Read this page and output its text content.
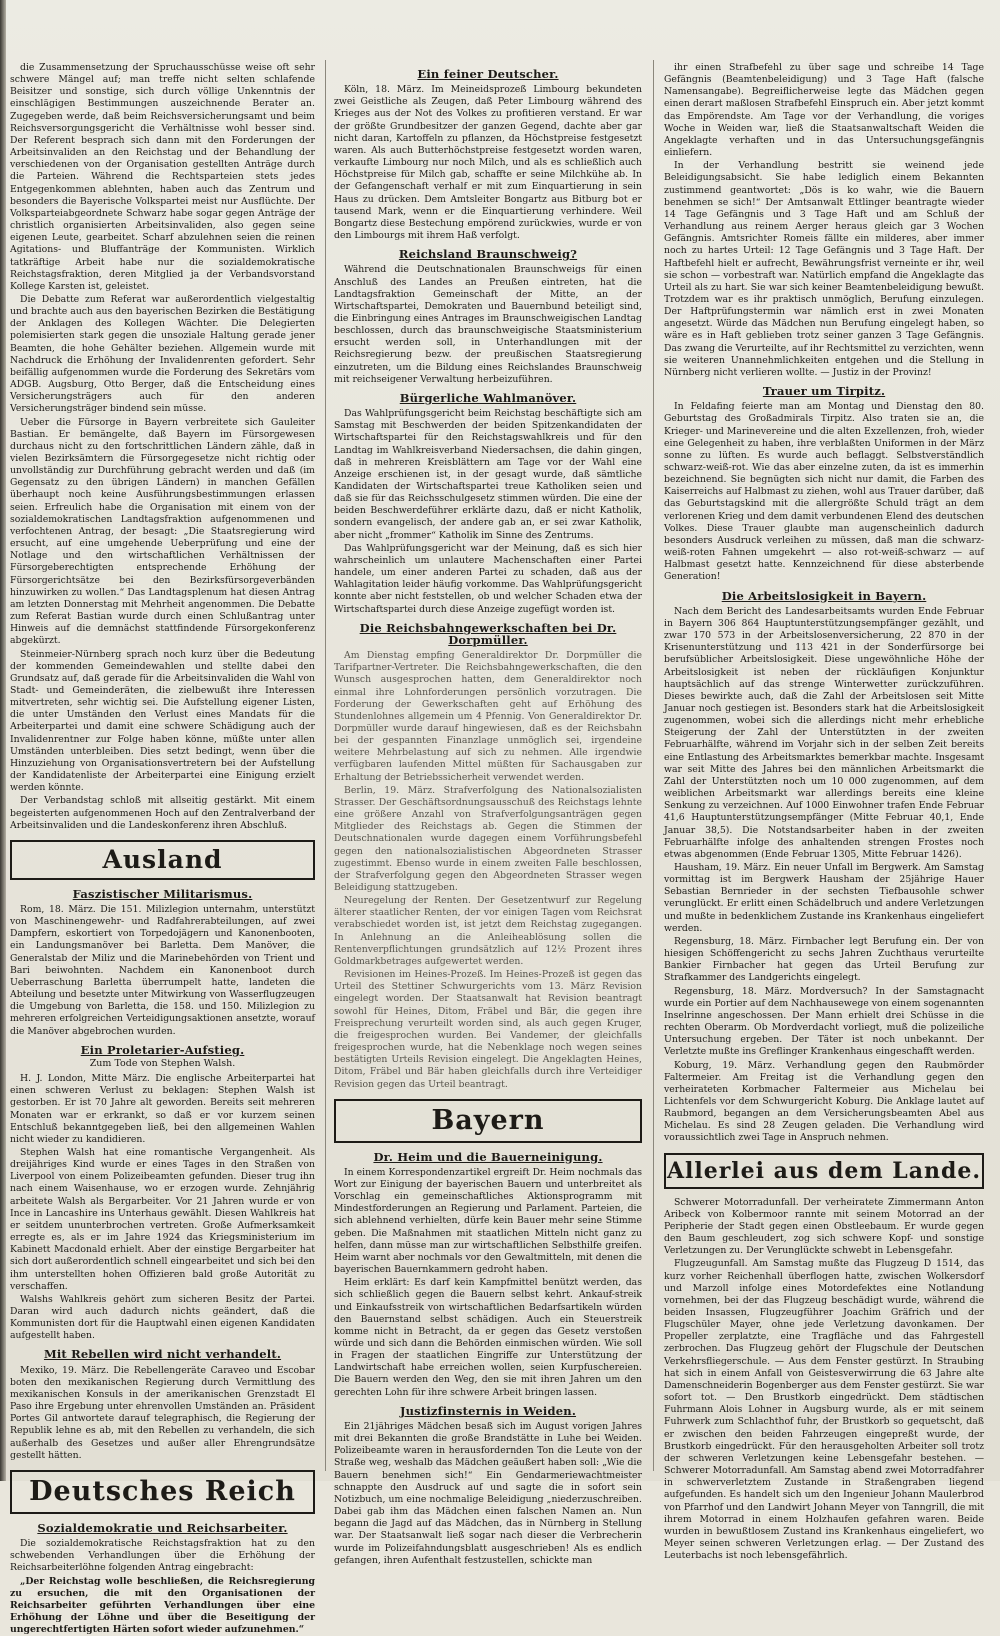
die Zusammensetzung der Spruchausschüsse weise oft sehr schwere Mängel auf; man treffe nicht selten schlafende Beisitzer und sonstige, sich durch völlige Unkenntnis der einschlägigen Bestimmungen auszeichnende Berater an. Zugegeben werde, daß beim Reichsversicherungsamt und beim Reichsversorgungsgericht die Verhältnisse wohl besser sind. Der Referent besprach sich dann mit den Forderungen der Arbeitsinvaliden an den Reichstag und der Behandlung der verschiedenen von der Organisation gestellten Anträge durch die Parteien. Während die Rechtsparteien stets jedes Entgegenkommen ablehnten, haben auch das Zentrum und besonders die Bayerische Volkspartei meist nur Ausflüchte. Der Volksparteiabgeordnete Schwarz habe sogar gegen Anträge der christlich organisierten Arbeitsinvaliden, also gegen seine eigenen Leute, gearbeitet. Scharf abzulehnen seien die reinen Agitations- und Bluffanträge der Kommunisten. Wirklich tatkräftige Arbeit habe nur die sozialdemokratische Reichstagsfraktion, deren Mitglied ja der Verbandsvorstand Kollege Karsten ist, geleistet.

Die Debatte zum Referat war außerordentlich vielgestaltig und brachte auch aus den bayerischen Bezirken die Bestätigung der Anklagen des Kollegen Wächter. Die Delegierten polemisierten stark gegen die unsoziale Haltung gerade jener Beamten, die hohe Gehälter beziehen. Allgemein wurde mit Nachdruck die Erhöhung der Invalidenrenten gefordert. Sehr beifällig aufgenommen wurde die Forderung des Sekretärs vom ADGB. Augsburg, Otto Berger, daß die Entscheidung eines Versicherungsträgers auch für den anderen Versicherungsträger bindend sein müsse.

Ueber die Fürsorge in Bayern verbreitete sich Gauleiter Bastian. Er bemängelte, daß Bayern im Fürsorgewesen durchaus nicht zu den fortschrittlichen Ländern zähle, daß in vielen Bezirksämtern die Fürsorgegesetze nicht richtig oder unvollständig zur Durchführung gebracht werden und daß (im Gegensatz zu den übrigen Ländern) in manchen Gefällen überhaupt noch keine Ausführungsbestimmungen erlassen seien. Erfreulich habe die Organisation mit einem von der sozialdemokratischen Landtagsfraktion aufgenommenen und verfochtenen Antrag, der besagt: „Die Staatsregierung wird ersucht, auf eine umgehende Ueberprüfung und eine der Notlage und den wirtschaftlichen Verhältnissen der Fürsorgeberechtigten entsprechende Erhöhung der Fürsorgerichtsätze bei den Bezirksfürsorgeverbänden hinzuwirken zu wollen.“ Das Landtagsplenum hat diesen Antrag am letzten Donnerstag mit Mehrheit angenommen. Die Debatte zum Referat Bastian wurde durch einen Schlußantrag unter Hinweis auf die demnächst stattfindende Fürsorgekonferenz abgekürzt.

Steinmeier-Nürnberg sprach noch kurz über die Bedeutung der kommenden Gemeindewahlen und stellte dabei den Grundsatz auf, daß gerade für die Arbeitsinvaliden die Wahl von Stadt- und Gemeinderäten, die zielbewußt ihre Interessen mitvertreten, sehr wichtig sei. Die Aufstellung eigener Listen, die unter Umständen den Verlust eines Mandats für die Arbeiterpartei und damit eine schwere Schädigung auch der Invalidenrentner zur Folge haben könne, müßte unter allen Umständen unterbleiben. Dies setzt bedingt, wenn über die Hinzuziehung von Organisationsvertretern bei der Aufstellung der Kandidatenliste der Arbeiterpartei eine Einigung erzielt werden könnte.

Der Verbandstag schloß mit allseitig gestärkt. Mit einem begeisterten aufgenommenen Hoch auf den Zentralverband der Arbeitsinvaliden und die Landeskonferenz ihren Abschluß.

Ausland
Faszistischer Militarismus.

Rom, 18. März. Die 151. Milizlegion unternahm, unterstützt von Maschinengewehr- und Radfahrerabteilungen, auf zwei Dampfern, eskortiert von Torpedojägern und Kanonenbooten, ein Landungsmanöver bei Barletta. Dem Manöver, die Generalstab der Miliz und die Marinebehörden von Trient und Bari beiwohnten. Nachdem ein Kanonenboot durch Ueberraschung Barletta überrumpelt hatte, landeten die Abteilung und besetzte unter Mitwirkung von Wasserflugzeugen die Umgebung von Barletta, die 158. und 150. Milizlegion zu mehreren erfolgreichen Verteidigungsaktionen ansetzte, worauf die Manöver abgebrochen wurden.

Ein Proletarier-Aufstieg.
Zum Tode von Stephen Walsh.

H. J. London, Mitte März. Die englische Arbeiterpartei hat einen schweren Verlust zu beklagen: Stephen Walsh ist gestorben. Er ist 70 Jahre alt geworden. Bereits seit mehreren Monaten war er erkrankt, so daß er vor kurzem seinen Entschluß bekanntgegeben ließ, bei den allgemeinen Wahlen nicht wieder zu kandidieren.

Stephen Walsh hat eine romantische Vergangenheit. Als dreijähriges Kind wurde er eines Tages in den Straßen von Liverpool von einem Polizeibeamten gefunden. Dieser trug ihn nach einem Waisenhause, wo er erzogen wurde. Zehnjährig arbeitete Walsh als Bergarbeiter. Vor 21 Jahren wurde er von Ince in Lancashire ins Unterhaus gewählt. Diesen Wahlkreis hat er seitdem ununterbrochen vertreten. Große Aufmerksamkeit erregte es, als er im Jahre 1924 das Kriegsministerium im Kabinett Macdonald erhielt. Aber der einstige Bergarbeiter hat sich dort außerordentlich schnell eingearbeitet und sich bei den ihm unterstellten hohen Offizieren bald große Autorität zu verschaffen.

Walshs Wahlkreis gehört zum sicheren Besitz der Partei. Daran wird auch dadurch nichts geändert, daß die Kommunisten dort für die Hauptwahl einen eigenen Kandidaten aufgestellt haben.

Mit Rebellen wird nicht verhandelt.

Mexiko, 19. März. Die Rebellengeräte Caraveo und Escobar boten den mexikanischen Regierung durch Vermittlung des mexikanischen Konsuls in der amerikanischen Grenzstadt El Paso ihre Ergebung unter ehrenvollen Umständen an. Präsident Portes Gil antwortete darauf telegraphisch, die Regierung der Republik lehne es ab, mit den Rebellen zu verhandeln, die sich außerhalb des Gesetzes und außer aller Ehrengrundsätze gestellt hätten.

Deutsches Reich
Sozialdemokratie und Reichsarbeiter.

Die sozialdemokratische Reichstagsfraktion hat zu den schwebenden Verhandlungen über die Erhöhung der Reichsarbeiterlöhne folgenden Antrag eingebracht:

„Der Reichstag wolle beschließen, die Reichsregierung zu ersuchen, die mit den Organisationen der Reichsarbeiter geführten Verhandlungen über eine Erhöhung der Löhne und über die Beseitigung der ungerechtfertigten Härten sofort wieder aufzunehmen.“

Ein feiner Deutscher.

Köln, 18. März. Im Meineidsprozeß Limbourg bekundeten zwei Geistliche als Zeugen, daß Peter Limbourg während des Krieges aus der Not des Volkes zu profitieren verstand. Er war der größte Grundbesitzer der ganzen Gegend, dachte aber gar nicht daran, Kartoffeln zu pflanzen, da Höchstpreise festgesetzt waren. Als auch Butterhöchstpreise festgesetzt worden waren, verkaufte Limbourg nur noch Milch, und als es schließlich auch Höchstpreise für Milch gab, schaffte er seine Milchkühe ab. In der Gefangenschaft verhalf er mit zum Einquartierung in sein Haus zu drücken. Dem Amtsleiter Bongartz aus Bitburg bot er tausend Mark, wenn er die Einquartierung verhindere. Weil Bongartz diese Bestechung empörend zurückwies, wurde er von den Limbourgs mit ihrem Haß verfolgt.

Reichsland Braunschweig?

Während die Deutschnationalen Braunschweigs für einen Anschluß des Landes an Preußen eintreten, hat die Landtagsfraktion Gemeinschaft der Mitte, an der Wirtschaftspartei, Demokraten und Bauernbund beteiligt sind, die Einbringung eines Antrages im Braunschweigischen Landtag beschlossen, durch das braunschweigische Staatsministerium ersucht werden soll, in Unterhandlungen mit der Reichsregierung bezw. der preußischen Staatsregierung einzutreten, um die Bildung eines Reichslandes Braunschweig mit reichseigener Verwaltung herbeizuführen.

Bürgerliche Wahlmanöver.

Das Wahlprüfungsgericht beim Reichstag beschäftigte sich am Samstag mit Beschwerden der beiden Spitzenkandidaten der Wirtschaftspartei für den Reichstagswahlkreis und für den Landtag im Wahlkreisverband Niedersachsen, die dahin gingen, daß in mehreren Kreisblättern am Tage vor der Wahl eine Anzeige erschienen ist, in der gesagt wurde, daß sämtliche Kandidaten der Wirtschaftspartei treue Katholiken seien und daß sie für das Reichsschulgesetz stimmen würden. Die eine der beiden Beschwerdeführer erklärte dazu, daß er nicht Katholik, sondern evangelisch, der andere gab an, er sei zwar Katholik, aber nicht „frommer“ Katholik im Sinne des Zentrums.

Das Wahlprüfungsgericht war der Meinung, daß es sich hier wahrscheinlich um unlautere Machenschaften einer Partei handele, um einer anderen Partei zu schaden, daß aus der Wahlagitation leider häufig vorkomme. Das Wahlprüfungsgericht konnte aber nicht feststellen, ob und welcher Schaden etwa der Wirtschaftspartei durch diese Anzeige zugefügt worden ist.

Die Reichsbahngewerkschaften bei Dr. Dorpmüller.

Am Dienstag empfing Generaldirektor Dr. Dorpmüller die Tarifpartner-Vertreter. Die Reichsbahngewerkschaften, die den Wunsch ausgesprochen hatten, dem Generaldirektor noch einmal ihre Lohnforderungen persönlich vorzutragen. Die Forderung der Gewerkschaften geht auf Erhöhung des Stundenlohnes allgemein um 4 Pfennig. Von Generaldirektor Dr. Dorpmüller wurde darauf hingewiesen, daß es der Reichsbahn bei der gespannten Finanzlage unmöglich sei, irgendeine weitere Mehrbelastung auf sich zu nehmen. Alle irgendwie verfügbaren laufenden Mittel müßten für Sachausgaben zur Erhaltung der Betriebssicherheit verwendet werden.

Berlin, 19. März. Strafverfolgung des Nationalsozialisten Strasser. Der Geschäftsordnungsausschuß des Reichstags lehnte eine größere Anzahl von Strafverfolgungsanträgen gegen Mitglieder des Reichstags ab. Gegen die Stimmen der Deutschnationalen wurde dagegen einem Vorführungsbefehl gegen den nationalsozialistischen Abgeordneten Strasser zugestimmt. Ebenso wurde in einem zweiten Falle beschlossen, der Strafverfolgung gegen den Abgeordneten Strasser wegen Beleidigung stattzugeben.

Neuregelung der Renten. Der Gesetzentwurf zur Regelung älterer staatlicher Renten, der vor einigen Tagen vom Reichsrat verabschiedet worden ist, ist jetzt dem Reichstag zugegangen. In Anlehnung an die Anleiheablösung sollen die Rentenverpflichtungen grundsätzlich auf 12½ Prozent ihres Goldmarkbetrages aufgewertet werden.

Revisionen im Heines-Prozeß. Im Heines-Prozeß ist gegen das Urteil des Stettiner Schwurgerichts vom 13. März Revision eingelegt worden. Der Staatsanwalt hat Revision beantragt sowohl für Heines, Ditom, Fräbel und Bär, die gegen ihre Freisprechung verurteilt worden sind, als auch gegen Kruger, die freigesprochen wurden. Bei Vandemer, der gleichfalls freigesprochen wurde, hat die Nebenklage noch wegen seines bestätigten Urteils Revision eingelegt. Die Angeklagten Heines, Ditom, Fräbel und Bär haben gleichfalls durch ihre Verteidiger Revision gegen das Urteil beantragt.

Bayern
Dr. Heim und die Bauerneinigung.

In einem Korrespondenzartikel ergreift Dr. Heim nochmals das Wort zur Einigung der bayerischen Bauern und unterbreitet als Vorschlag ein gemeinschaftliches Aktionsprogramm mit Mindestforderungen an Regierung und Parlament. Parteien, die sich ablehnend verhielten, dürfe kein Bauer mehr seine Stimme geben. Die Maßnahmen mit staatlichen Mitteln nicht ganz zu helfen, dann müsse man zur wirtschaftlichen Selbsthilfe greifen. Heim warnt aber nochmals vor den Gewaltmitteln, mit denen die bayerischen Bauernkammern gedroht haben.

Heim erklärt: Es darf kein Kampfmittel benützt werden, das sich schließlich gegen die Bauern selbst kehrt. Ankauf-streik und Einkaufsstreik von wirtschaftlichen Bedarfsartikeln würden den Bauernstand selbst schädigen. Auch ein Steuerstreik komme nicht in Betracht, da er gegen das Gesetz verstoßen würde und sich dann die Behörden einmischen würden. Wie soll in Fragen der staatlichen Eingriffe zur Unterstützung der Landwirtschaft habe erreichen wollen, seien Kurpfuschereien. Die Bauern werden den Weg, den sie mit ihren Jahren um den gerechten Lohn für ihre schwere Arbeit bringen lassen.

Justizfinsternis in Weiden.

Ein 21jähriges Mädchen besaß sich im August vorigen Jahres mit drei Bekannten die große Brandstätte in Luhe bei Weiden. Polizeibeamte waren in herausfordernden Ton die Leute von der Straße weg, weshalb das Mädchen geäußert haben soll: „Wie die Bauern benehmen sich!“ Ein Gendarmeriewachtmeister schnappte den Ausdruck auf und sagte die in sofort sein Notizbuch, um eine nochmalige Beleidigung „niederzuschreiben. Dabei gab ihm das Mädchen einen falschen Namen an. Nun begann die Jagd auf das Mädchen, das in Nürnberg in Stellung war. Der Staatsanwalt ließ sogar nach dieser die Verbrecherin wurde im Polizeifahndungsblatt ausgeschrieben! Als es endlich gefangen, ihren Aufenthalt festzustellen, schickte man

ihr einen Strafbefehl zu über sage und schreibe 14 Tage Gefängnis (Beamtenbeleidigung) und 3 Tage Haft (falsche Namensangabe). Begreiflicherweise legte das Mädchen gegen einen derart maßlosen Strafbefehl Einspruch ein. Aber jetzt kommt das Empörendste. Am Tage vor der Verhandlung, die voriges Woche in Weiden war, ließ die Staatsanwaltschaft Weiden die Angeklagte verhaften und in das Untersuchungsgefängnis einliefern.

In der Verhandlung bestritt sie weinend jede Beleidigungsabsicht. Sie habe lediglich einem Bekannten zustimmend geantwortet: „Dös is ko wahr, wie die Bauern benehmen se sich!“ Der Amtsanwalt Ettlinger beantragte wieder 14 Tage Gefängnis und 3 Tage Haft und am Schluß der Verhandlung aus reinem Aerger heraus gleich gar 3 Wochen Gefängnis. Amtsrichter Romeis fällte ein milderes, aber immer noch zu hartes Urteil: 12 Tage Gefängnis und 3 Tage Haft. Der Haftbefehl hielt er aufrecht, Bewährungsfrist verneinte er ihr, weil sie schon — vorbestraft war. Natürlich empfand die Angeklagte das Urteil als zu hart. Sie war sich keiner Beamtenbeleidigung bewußt. Trotzdem war es ihr praktisch unmöglich, Berufung einzulegen. Der Haftprüfungstermin war nämlich erst in zwei Monaten angesetzt. Würde das Mädchen nun Berufung eingelegt haben, so wäre es in Haft geblieben trotz seiner ganzen 3 Tage Gefängnis. Das zwang die Verurteilte, auf ihr Rechtsmittel zu verzichten, wenn sie weiteren Unannehmlichkeiten entgehen und die Stellung in Nürnberg nicht verlieren wollte. — Justiz in der Provinz!

Trauer um Tirpitz.

In Feldafing feierte man am Montag und Dienstag den 80. Geburtstag des Großadmirals Tirpitz. Also traten sie an, die Krieger- und Marinevereine und die alten Exzellenzen, froh, wieder eine Gelegenheit zu haben, ihre verblaßten Uniformen in der März sonne zu lüften. Es wurde auch beflaggt. Selbstverständlich schwarz-weiß-rot. Wie das aber einzelne zuten, da ist es immerhin bezeichnend. Sie begnügten sich nicht nur damit, die Farben des Kaiserreichs auf Halbmast zu ziehen, wohl aus Trauer darüber, daß das Geburtstagskind mit die allergrößte Schuld trägt an dem verlorenen Krieg und dem damit verbundenen Elend des deutschen Volkes. Diese Trauer glaubte man augenscheinlich dadurch besonders Ausdruck verleihen zu müssen, daß man die schwarz-weiß-roten Fahnen umgekehrt — also rot-weiß-schwarz — auf Halbmast gesetzt hatte. Kennzeichnend für diese absterbende Generation!

Die Arbeitslosigkeit in Bayern.

Nach dem Bericht des Landesarbeitsamts wurden Ende Februar in Bayern 306 864 Hauptunterstützungsempfänger gezählt, und zwar 170 573 in der Arbeitslosenversicherung, 22 870 in der Krisenunterstützung und 113 421 in der Sonderfürsorge bei berufsüblicher Arbeitslosigkeit. Diese ungewöhnliche Höhe der Arbeitslosigkeit ist neben der rückläufigen Konjunktur hauptsächlich auf das strenge Winterwetter zurückzuführen. Dieses bewirkte auch, daß die Zahl der Arbeitslosen seit Mitte Januar noch gestiegen ist. Besonders stark hat die Arbeitslosigkeit zugenommen, wobei sich die allerdings nicht mehr erhebliche Steigerung der Zahl der Unterstützten in der zweiten Februarhälfte, während im Vorjahr sich in der selben Zeit bereits eine Entlastung des Arbeitsmarktes bemerkbar machte. Insgesamt war seit Mitte des Jahres bei den männlichen Arbeitsmarkt die Zahl der Unterstützten noch um 10 000 zugenommen, auf dem weiblichen Arbeitsmarkt war allerdings bereits eine kleine Senkung zu verzeichnen. Auf 1000 Einwohner trafen Ende Februar 41,6 Hauptunterstützungsempfänger (Mitte Februar 40,1, Ende Januar 38,5). Die Notstandsarbeiter haben in der zweiten Februarhälfte infolge des anhaltenden strengen Frostes noch etwas abgenommen (Ende Februar 1305, Mitte Februar 1426).

Hausham, 19. März. Ein neuer Unfall im Bergwerk. Am Samstag vormittag ist im Bergwerk Hausham der 25jährige Hauer Sebastian Bernrieder in der sechsten Tiefbausohle schwer verunglückt. Er erlitt einen Schädelbruch und andere Verletzungen und mußte in bedenklichem Zustande ins Krankenhaus eingeliefert werden.

Regensburg, 18. März. Firnbacher legt Berufung ein. Der von hiesigen Schöffengericht zu sechs Jahren Zuchthaus verurteilte Bankier Firnbacher hat gegen das Urteil Berufung zur Strafkammer des Landgerichts eingelegt.

Regensburg, 18. März. Mordversuch? In der Samstagnacht wurde ein Portier auf dem Nachhausewege von einem sogenannten Inselrinne angeschossen. Der Mann erhielt drei Schüsse in die rechten Oberarm. Ob Mordverdacht vorliegt, muß die polizeiliche Untersuchung ergeben. Der Täter ist noch unbekannt. Der Verletzte mußte ins Greflinger Krankenhaus eingeschafft werden.

Koburg, 19. März. Verhandlung gegen den Raubmörder Faltermeier. Am Freitag ist die Verhandlung gegen den verheirateten Korbmacher Faltermeier aus Michelau bei Lichtenfels vor dem Schwurgericht Koburg. Die Anklage lautet auf Raubmord, begangen an dem Versicherungsbeamten Abel aus Michelau. Es sind 28 Zeugen geladen. Die Verhandlung wird voraussichtlich zwei Tage in Anspruch nehmen.

Allerlei aus dem Lande.

Schwerer Motorradunfall. Der verheiratete Zimmermann Anton Aribeck von Kolbermoor rannte mit seinem Motorrad an der Peripherie der Stadt gegen einen Obstleebaum. Er wurde gegen den Baum geschleudert, zog sich schwere Kopf- und sonstige Verletzungen zu. Der Verunglückte schwebt in Lebensgefahr.

Flugzeugunfall. Am Samstag mußte das Flugzeug D 1514, das kurz vorher Reichenhall überflogen hatte, zwischen Wolkersdorf und Marzoll infolge eines Motordefektes eine Notlandung vornehmen, bei der das Flugzeug beschädigt wurde, während die beiden Insassen, Flugzeugführer Joachim Gräfrich und der Flugschüler Mayer, ohne jede Verletzung davonkamen. Der Propeller zerplatzte, eine Tragfläche und das Fahrgestell zerbrochen. Das Flugzeug gehört der Flugschule der Deutschen Verkehrsfliegerschule. — Aus dem Fenster gestürzt. In Straubing hat sich in einem Anfall von Geistesverwirrung die 63 Jahre alte Damenschneiderin Bogenberger aus dem Fenster gestürzt. Sie war sofort tot. — Den Brustkorb eingedrückt. Dem städtischen Fuhrmann Alois Lohner in Augsburg wurde, als er mit seinem Fuhrwerk zum Schlachthof fuhr, der Brustkorb so gequetscht, daß er zwischen den beiden Fahrzeugen eingepreßt wurde, der Brustkorb eingedrückt. Für den herausgeholten Arbeiter soll trotz der schweren Verletzungen keine Lebensgefahr bestehen. — Schwerer Motorradunfall. Am Samstag abend zwei Motorradfahrer in schwerverletztem Zustande in Straßengraben liegend aufgefunden. Es handelt sich um den Ingenieur Johann Maulerbrod von Pfarrhof und den Landwirt Johann Meyer von Tanngrill, die mit ihrem Motorrad in einem Holzhaufen gefahren waren. Beide wurden in bewußtlosem Zustand ins Krankenhaus eingeliefert, wo Meyer seinen schweren Verletzungen erlag. — Der Zustand des Leuterbachs ist noch lebensgefährlich.
